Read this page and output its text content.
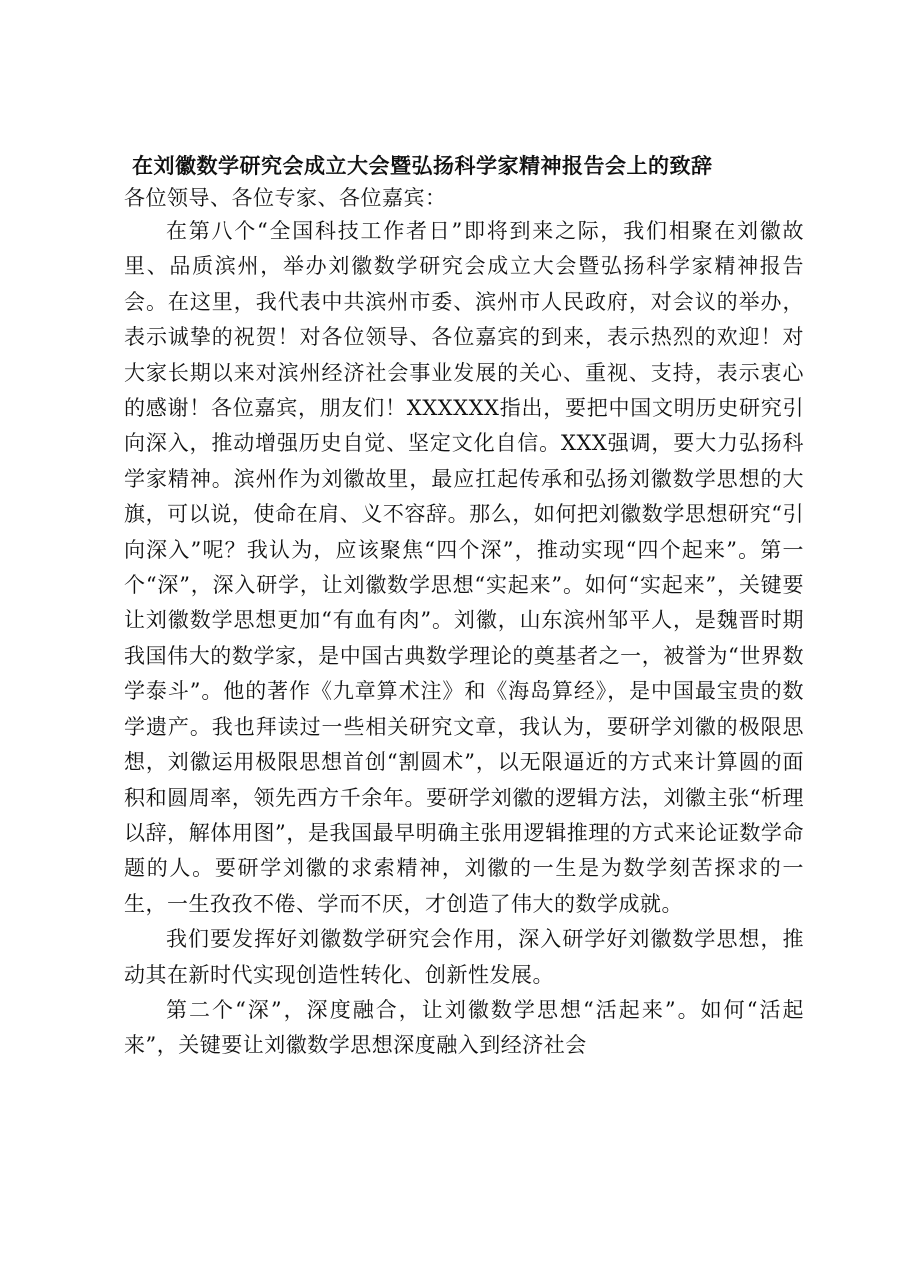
在刘徽数学研究会成立大会暨弘扬科学家精神报告会上的致辞
各位领导、各位专家、各位嘉宾：

在第八个“全国科技工作者日”即将到来之际，我们相聚在刘徽故里、品质滨州，举办刘徽数学研究会成立大会暨弘扬科学家精神报告会。在这里，我代表中共滨州市委、滨州市人民政府，对会议的举办，表示诚挚的祝贺！对各位领导、各位嘉宾的到来，表示热烈的欢迎！对大家长期以来对滨州经济社会事业发展的关心、重视、支持，表示衷心的感谢！各位嘉宾，朋友们！XXXXXX指出，要把中国文明历史研究引向深入，推动增强历史自觉、坚定文化自信。XXX强调，要大力弘扬科学家精神。滨州作为刘徽故里，最应扛起传承和弘扬刘徽数学思想的大旗，可以说，使命在肩、义不容辞。那么，如何把刘徽数学思想研究“引向深入”呢？我认为，应该聚焦“四个深”，推动实现“四个起来”。第一个“深”，深入研学，让刘徽数学思想“实起来”。如何“实起来”，关键要让刘徽数学思想更加“有血有肉”。刘徽，山东滨州邹平人，是魏晋时期我国伟大的数学家，是中国古典数学理论的奠基者之一，被誉为“世界数学泰斗”。他的著作《九章算术注》和《海岛算经》，是中国最宝贵的数学遗产。我也拜读过一些相关研究文章，我认为，要研学刘徽的极限思想，刘徽运用极限思想首创“割圆术”，以无限逼近的方式来计算圆的面积和圆周率，领先西方千余年。要研学刘徽的逻辑方法，刘徽主张“析理以辞，解体用图”，是我国最早明确主张用逻辑推理的方式来论证数学命题的人。要研学刘徽的求索精神，刘徽的一生是为数学刻苦探求的一生，一生孜孜不倦、学而不厌，才创造了伟大的数学成就。

我们要发挥好刘徽数学研究会作用，深入研学好刘徽数学思想，推动其在新时代实现创造性转化、创新性发展。

第二个“深”，深度融合，让刘徽数学思想“活起来”。如何“活起来”，关键要让刘徽数学思想深度融入到经济社会
